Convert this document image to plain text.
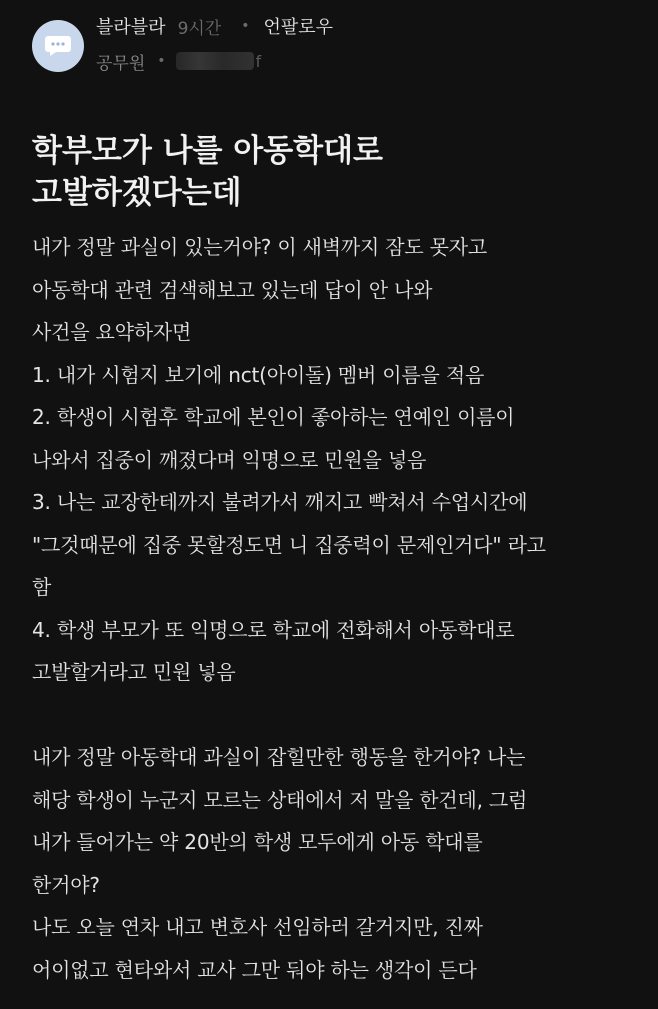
블라블라 9시간 • 언팔로우
공무원 •	f
학부모가 나를 아동학대로
고발하겠다는데
내가 정말 과실이 있는거야? 이 새벽까지 잠도 못자고
아동학대 관련 검색해보고 있는데 답이 안 나와
사건을 요약하자면
1. 내가 시험지 보기에 nct(아이돌) 멤버 이름을 적음
2. 학생이 시험후 학교에 본인이 좋아하는 연예인 이름이
나와서 집중이 깨졌다며 익명으로 민원을 넣음
3. 나는 교장한테까지 불려가서 깨지고 빡쳐서 수업시간에
"그것때문에 집중 못할정도면 니 집중력이 문제인거다" 라고
함
4. 학생 부모가 또 익명으로 학교에 전화해서 아동학대로
고발할거라고 민원 넣음
내가 정말 아동학대 과실이 잡힐만한 행동을 한거야? 나는
해당 학생이 누군지 모르는 상태에서 저 말을 한건데, 그럼
내가 들어가는 약 20반의 학생 모두에게 아동 학대를
한거야?
나도 오늘 연차 내고 변호사 선임하러 갈거지만, 진짜
어이없고 현타와서 교사 그만 둬야 하는 생각이 든다
